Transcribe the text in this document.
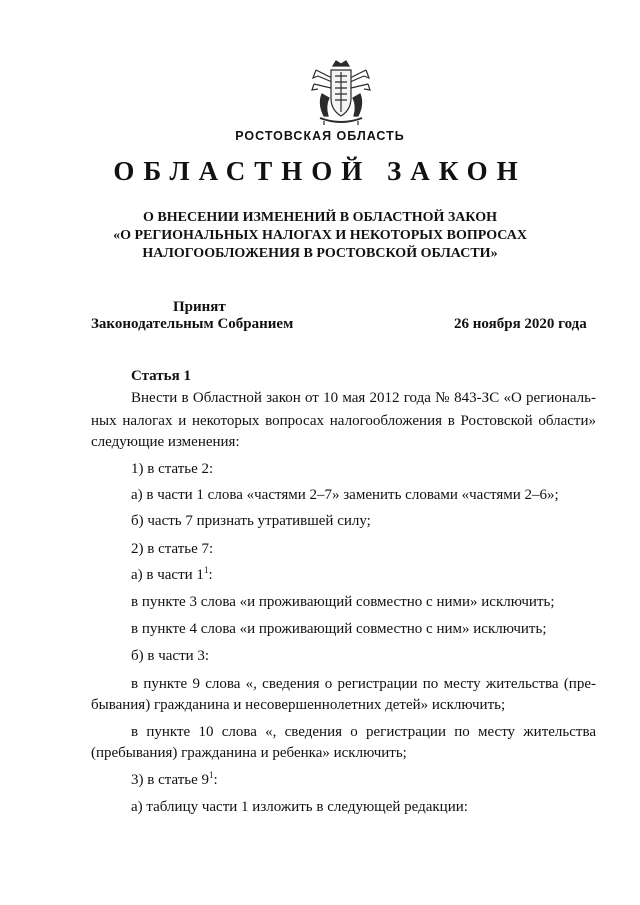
РОСТОВСКАЯ ОБЛАСТЬ
ОБЛАСТНОЙ ЗАКОН
О ВНЕСЕНИИ ИЗМЕНЕНИЙ В ОБЛАСТНОЙ ЗАКОН
«О РЕГИОНАЛЬНЫХ НАЛОГАХ И НЕКОТОРЫХ ВОПРОСАХ
НАЛОГООБЛОЖЕНИЯ В РОСТОВСКОЙ ОБЛАСТИ»
Принят
Законодательным Собранием	26 ноября 2020 года
Статья 1

Внести в Областной закон от 10 мая 2012 года № 843-ЗС «О региональ-

ных налогах и некоторых вопросах налогообложения в Ростовской области»

следующие изменения:

1) в статье 2:

а) в части 1 слова «частями 2–7» заменить словами «частями 2–6»;

б) часть 7 признать утратившей силу;

2) в статье 7:

а) в части $1^1$:

в пункте 3 слова «и проживающий совместно с ними» исключить;

в пункте 4 слова «и проживающий совместно с ним» исключить;

б) в части 3:

в пункте 9 слова «, сведения о регистрации по месту жительства (пре-

бывания) гражданина и несовершеннолетних детей» исключить;

в пункте 10 слова «, сведения о регистрации по месту жительства

(пребывания) гражданина и ребенка» исключить;

3) в статье $9^1$:

а) таблицу части 1 изложить в следующей редакции:
